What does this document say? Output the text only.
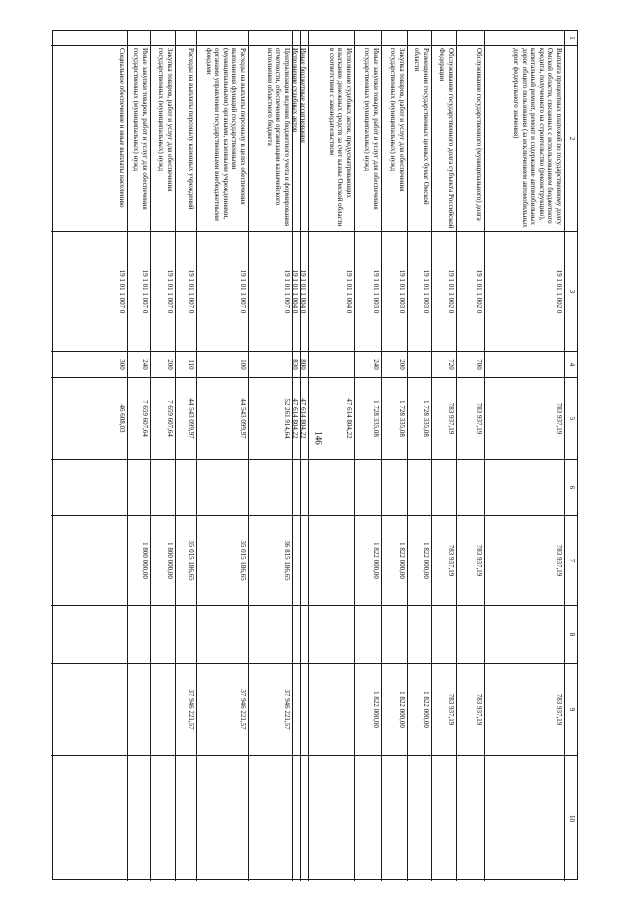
146
1
2
3
4
5
6
7
8
9
10
Выплата процентных платежей по государственному долгу Омской области, связанных с использованием бюджетного кредита, полученного на строительство (реконструкцию), капитальный ремонт, ремонт и содержание автомобильных дорог общего пользования (за исключением автомобильных дорог федерального значения)
19 1 01 1 002 0
783 937,19
783 937,19
783 937,19
Обслуживание государственного (муниципального) долга
19 1 01 1 002 0
700
783 937,19
783 937,19
783 937,19
Обслуживание государственного долга субъекта Российской Федерации
19 1 01 1 002 0
720
783 937,19
783 937,19
783 937,19
Размещение государственных ценных бумаг Омской области
19 1 01 1 003 0
1 728 335,08
1 822 000,00
1 822 000,00
Закупка товаров, работ и услуг для обеспечения государственных (муниципальных) нужд
19 1 01 1 003 0
200
1 728 335,08
1 822 000,00
1 822 000,00
Иные закупки товаров, работ и услуг для обеспечения государственных (муниципальных) нужд
19 1 01 1 003 0
240
1 728 335,08
1 822 000,00
1 822 000,00
Исполнение судебных актов, предусматривающих взыскание денежных средств за счет казны Омской области в соответствии с законодательством
19 1 01 1 004 0
47 614 804,22
Иные бюджетные ассигнования
19 1 01 1 004 0
800
47 614 804,22
Исполнение судебных актов
19 1 01 1 004 0
830
47 614 804,22
Централизация ведения бюджетного учета и формирования отчетности, обеспечение организации казначейского исполнения областного бюджета
19 1 01 1 007 0
52 261 914,64
36 815 186,65
37 946 221,57
Расходы на выплаты персоналу в целях обеспечения выполнения функций государственными (муниципальными) органами, казенными учреждениями, органами управления государственными внебюджетными фондами
19 1 01 1 007 0
100
44 543 099,97
35 015 186,65
37 946 221,57
Расходы на выплаты персоналу казенных учреждений
19 1 01 1 007 0
110
44 543 099,97
35 015 186,65
37 946 221,57
Закупка товаров, работ и услуг для обеспечения государственных (муниципальных) нужд
19 1 01 1 007 0
200
7 659 607,64
1 800 000,00
Иные закупки товаров, работ и услуг для обеспечения государственных (муниципальных) нужд
19 1 01 1 007 0
240
7 659 607,64
1 800 000,00
Социальное обеспечение и иные выплаты населению
19 1 01 1 007 0
300
46 608,03
